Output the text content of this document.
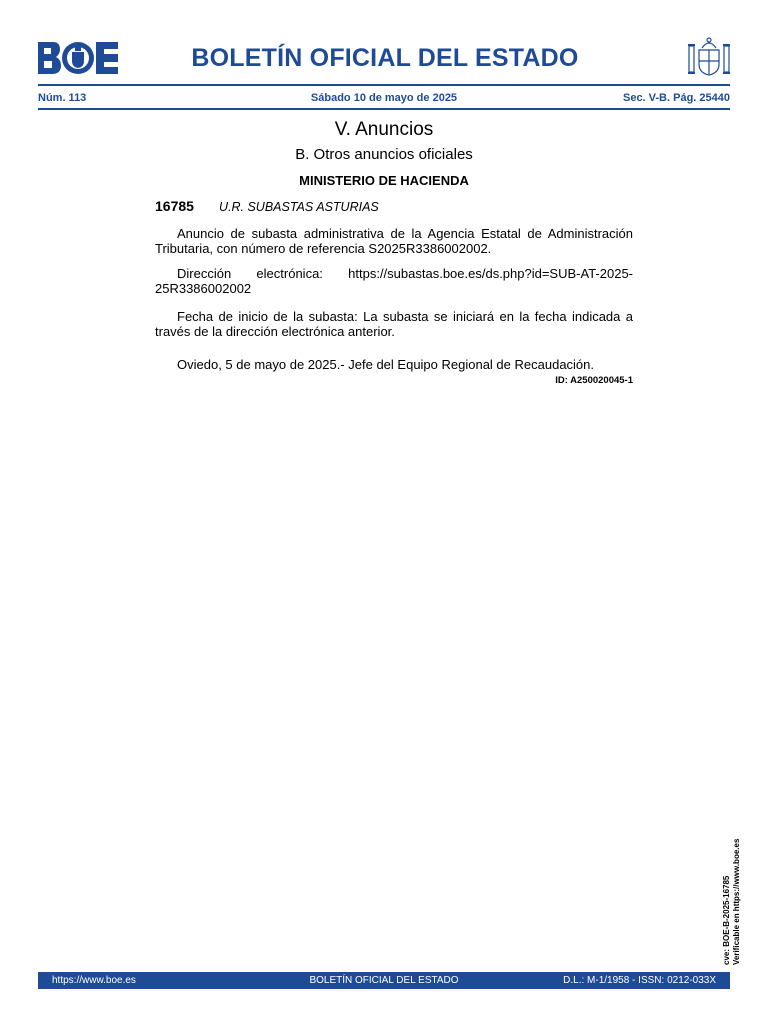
BOLETÍN OFICIAL DEL ESTADO
Sábado 10 de mayo de 2025
Núm. 113	Sec. V-B. Pág. 25440
V. Anuncios
B. Otros anuncios oficiales
MINISTERIO DE HACIENDA
16785 U.R. SUBASTAS ASTURIAS
Anuncio de subasta administrativa de la Agencia Estatal de Administración Tributaria, con número de referencia S2025R3386002002.
Dirección electrónica: https://subastas.boe.es/ds.php?id=SUB-AT-2025-25R3386002002
Fecha de inicio de la subasta: La subasta se iniciará en la fecha indicada a través de la dirección electrónica anterior.
Oviedo, 5 de mayo de 2025.- Jefe del Equipo Regional de Recaudación.
ID: A250020045-1
cve: BOE-B-2025-16785 Verificable en https://www.boe.es
BOLETÍN OFICIAL DEL ESTADO
https://www.boe.es	D.L.: M-1/1958 - ISSN: 0212-033X
